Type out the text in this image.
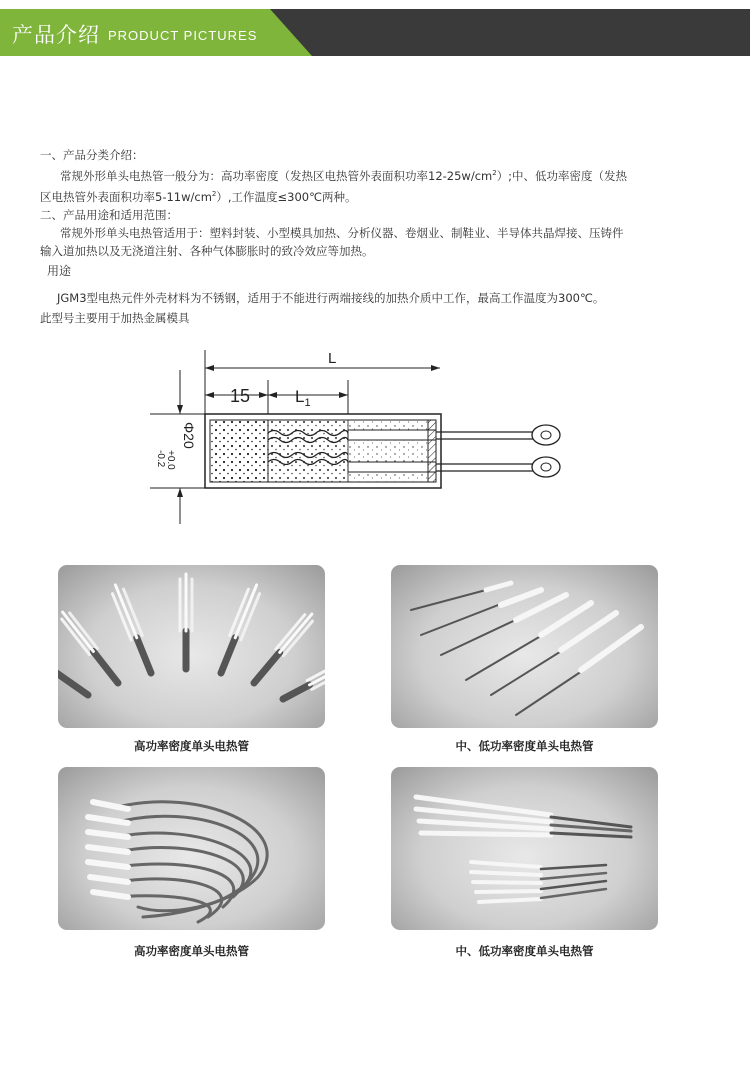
产品介绍 PRODUCT PICTURES

一、产品分类介绍：

常规外形单头电热管一般分为：高功率密度（发热区电热管外表面积功率$12-25w/cm^2$）;中、低功率密度（发热

区电热管外表面积功率$5-11w/cm^2$）,工作温度≤300℃两种。

二、产品用途和适用范围：

常规外形单头电热管适用于：塑料封装、小型模具加热、分析仪器、卷烟业、制鞋业、半导体共晶焊接、压铸件

输入道加热以及无浇道注射、各种气体膨胀时的致冷效应等加热。

用途
JGM3型电热元件外壳材料为不锈钢，适用于不能进行两端接线的加热介质中工作，最高工作温度为300℃。
此型号主要用于加热金属模具
L
15	$L_1$
Φ20
+0.0
-0.2
高功率密度单头电热管	中、低功率密度单头电热管
高功率密度单头电热管	中、低功率密度单头电热管
